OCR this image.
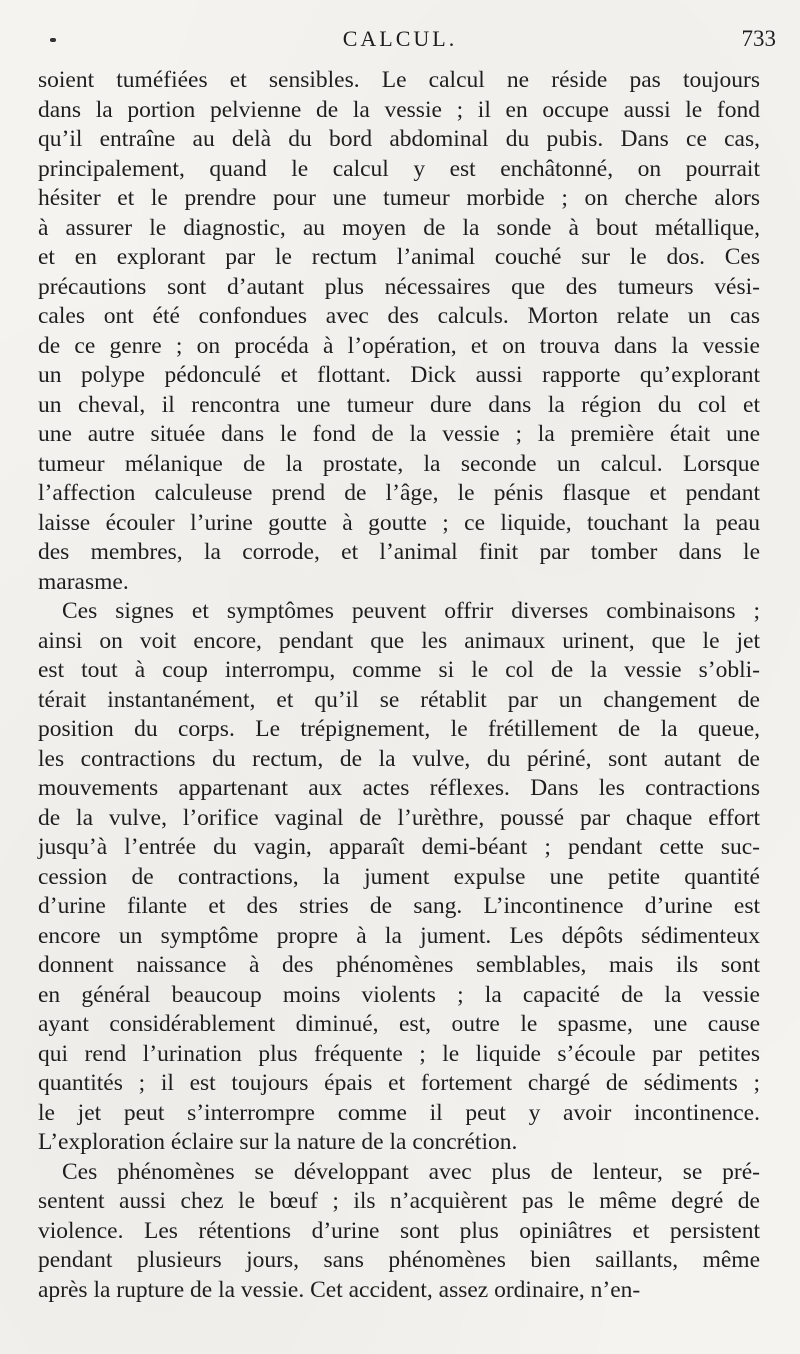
CALCUL.	733
soient tuméfiées et sensibles. Le calcul ne réside pas toujours
dans la portion pelvienne de la vessie ; il en occupe aussi le fond
qu’il entraîne au delà du bord abdominal du pubis. Dans ce cas,
principalement, quand le calcul y est enchâtonné, on pourrait
hésiter et le prendre pour une tumeur morbide ; on cherche alors
à assurer le diagnostic, au moyen de la sonde à bout métallique,
et en explorant par le rectum l’animal couché sur le dos. Ces
précautions sont d’autant plus nécessaires que des tumeurs vési-
cales ont été confondues avec des calculs. Morton relate un cas
de ce genre ; on procéda à l’opération, et on trouva dans la vessie
un polype pédonculé et flottant. Dick aussi rapporte qu’explorant
un cheval, il rencontra une tumeur dure dans la région du col et
une autre située dans le fond de la vessie ; la première était une
tumeur mélanique de la prostate, la seconde un calcul. Lorsque
l’affection calculeuse prend de l’âge, le pénis flasque et pendant
laisse écouler l’urine goutte à goutte ; ce liquide, touchant la peau
des membres, la corrode, et l’animal finit par tomber dans le
marasme.
Ces signes et symptômes peuvent offrir diverses combinaisons ;
ainsi on voit encore, pendant que les animaux urinent, que le jet
est tout à coup interrompu, comme si le col de la vessie s’obli-
térait instantanément, et qu’il se rétablit par un changement de
position du corps. Le trépignement, le frétillement de la queue,
les contractions du rectum, de la vulve, du périné, sont autant de
mouvements appartenant aux actes réflexes. Dans les contractions
de la vulve, l’orifice vaginal de l’urèthre, poussé par chaque effort
jusqu’à l’entrée du vagin, apparaît demi-béant ; pendant cette suc-
cession de contractions, la jument expulse une petite quantité
d’urine filante et des stries de sang. L’incontinence d’urine est
encore un symptôme propre à la jument. Les dépôts sédimenteux
donnent naissance à des phénomènes semblables, mais ils sont
en général beaucoup moins violents ; la capacité de la vessie
ayant considérablement diminué, est, outre le spasme, une cause
qui rend l’urination plus fréquente ; le liquide s’écoule par petites
quantités ; il est toujours épais et fortement chargé de sédiments ;
le jet peut s’interrompre comme il peut y avoir incontinence.
L’exploration éclaire sur la nature de la concrétion.
Ces phénomènes se développant avec plus de lenteur, se pré-
sentent aussi chez le bœuf ; ils n’acquièrent pas le même degré de
violence. Les rétentions d’urine sont plus opiniâtres et persistent
pendant plusieurs jours, sans phénomènes bien saillants, même
après la rupture de la vessie. Cet accident, assez ordinaire, n’en-
